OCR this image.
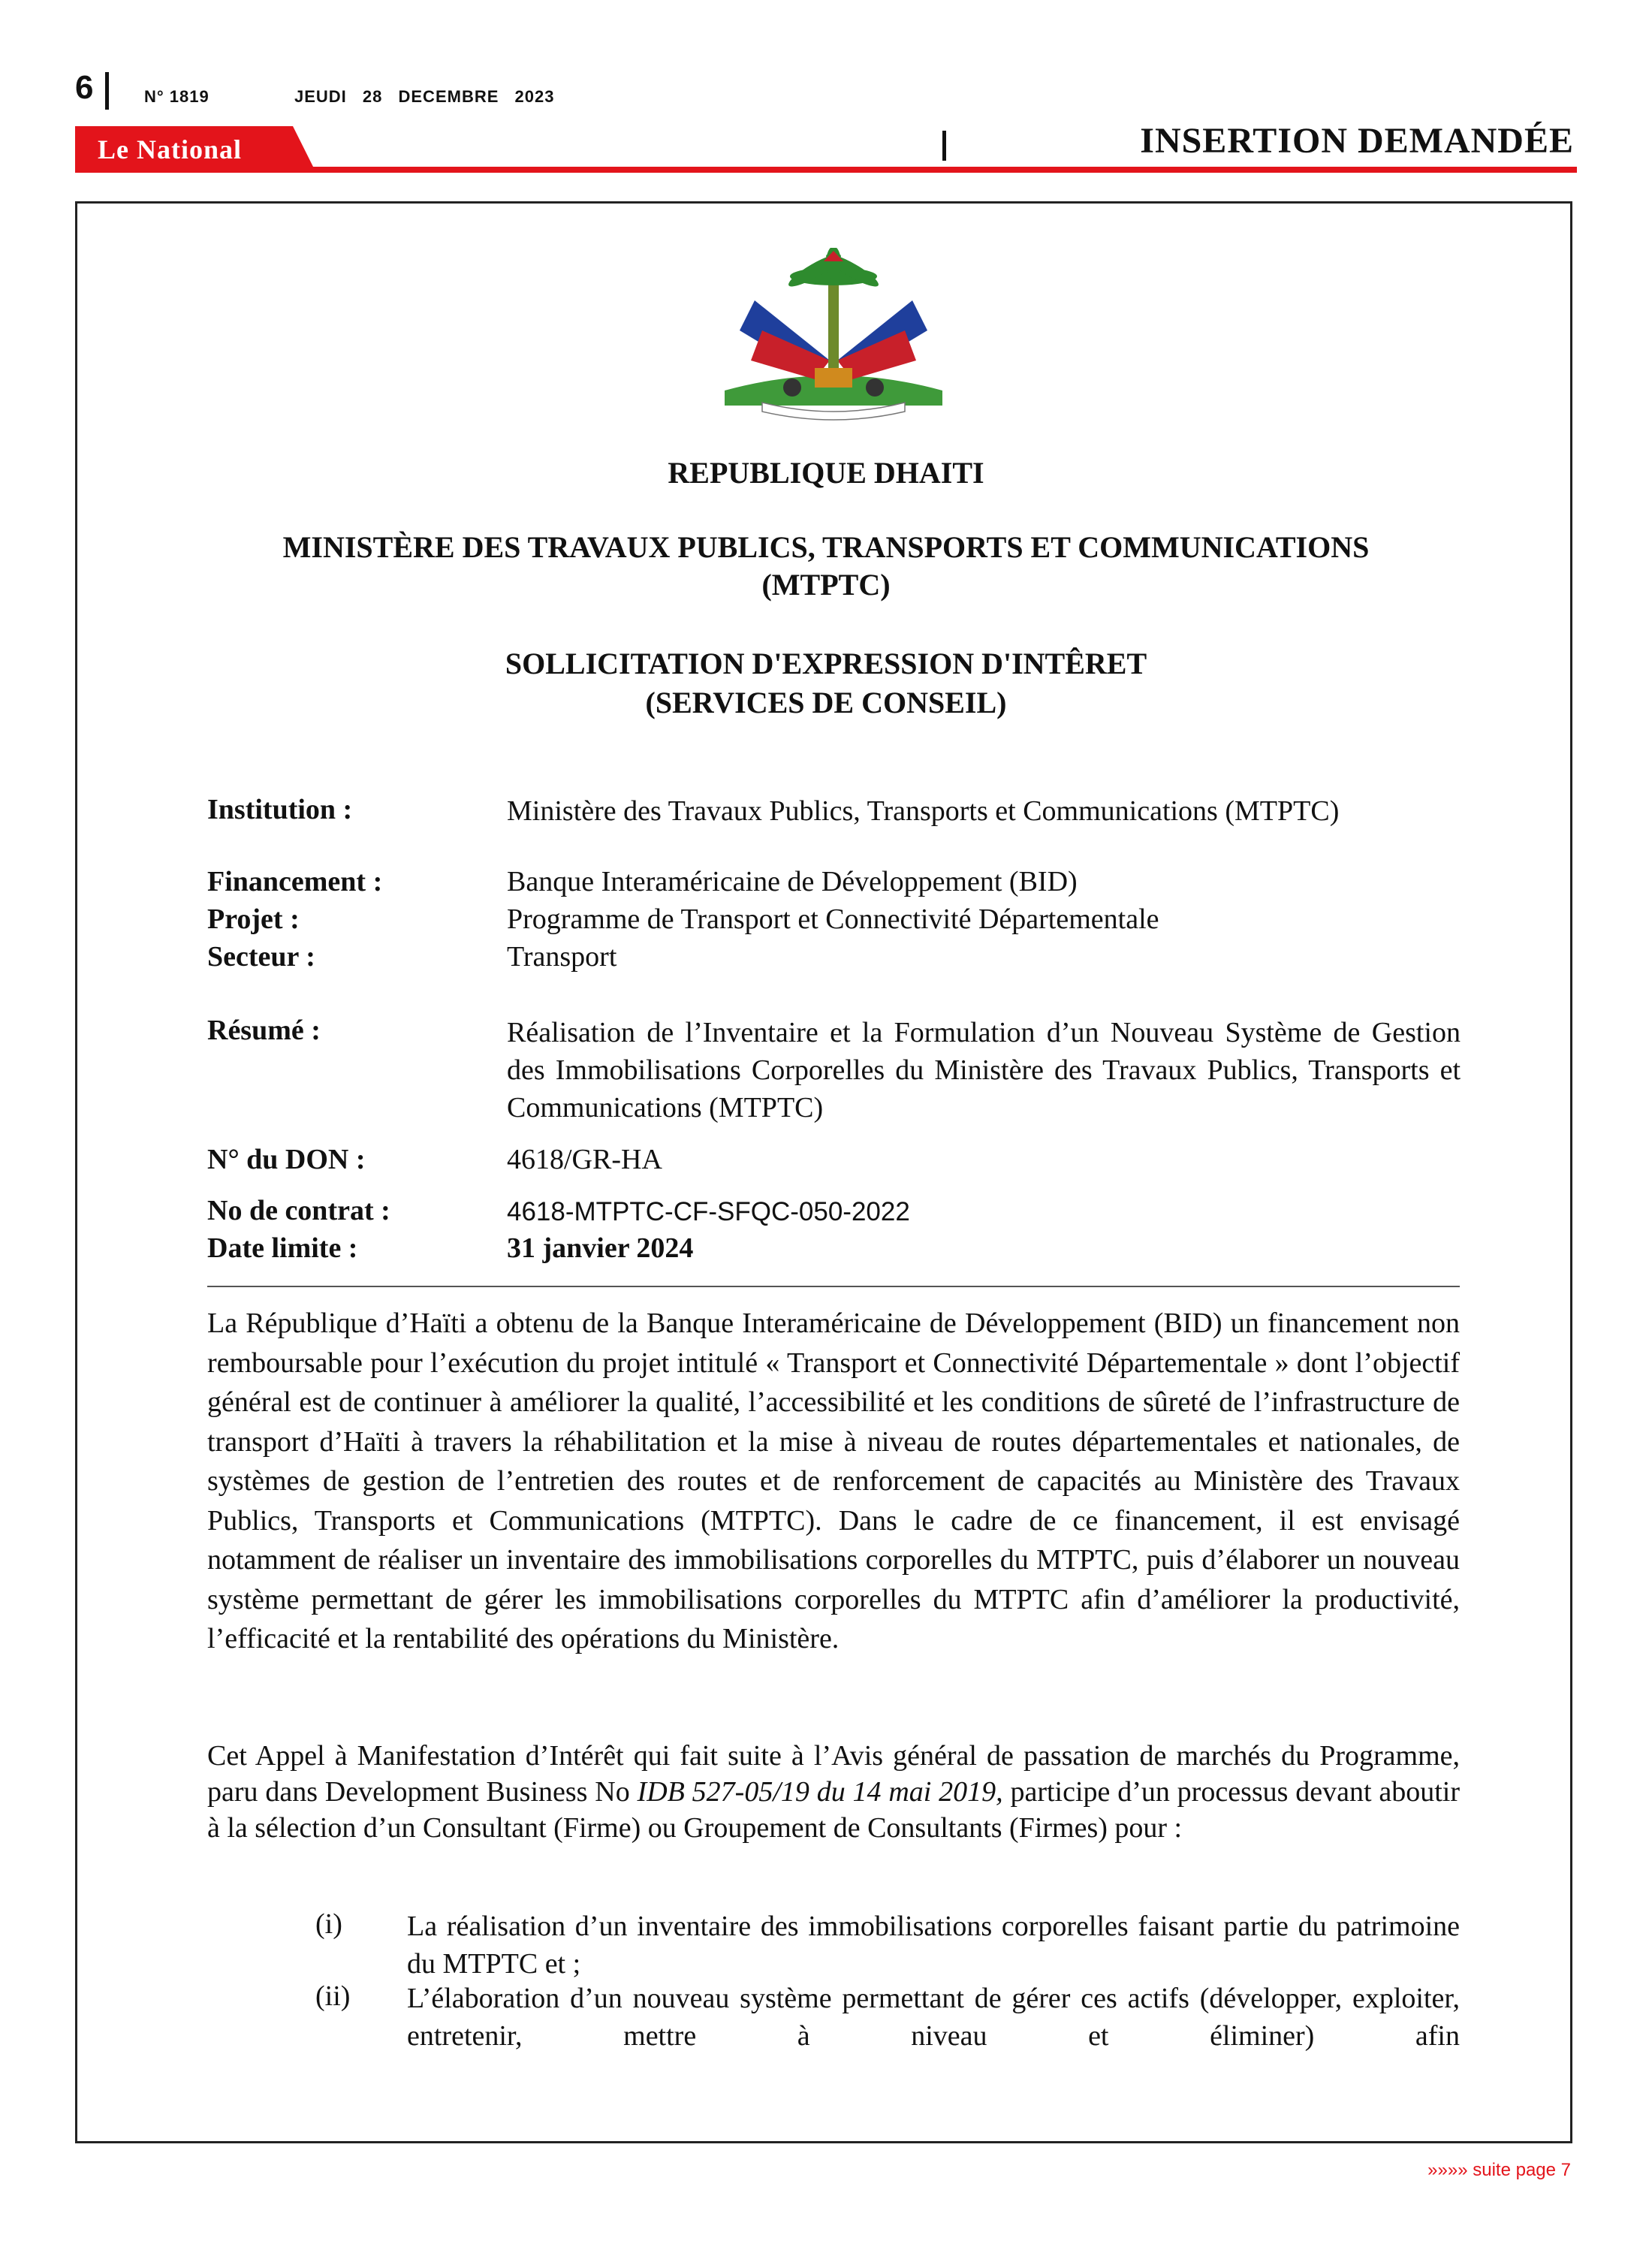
6	N° 1819	JEUDI 28 DECEMBRE 2023
Le National	INSERTION DEMANDÉE
REPUBLIQUE DHAITI
MINISTÈRE DES TRAVAUX PUBLICS, TRANSPORTS ET COMMUNICATIONS (MTPTC)
SOLLICITATION D'EXPRESSION D'INTÊRET
(SERVICES DE CONSEIL)
Institution :	Ministère des Travaux Publics, Transports et Communications (MTPTC)
Financement :	Banque Interaméricaine de Développement (BID)
Projet :	Programme de Transport et Connectivité Départementale
Secteur :	Transport
Résumé :	Réalisation de l’Inventaire et la Formulation d’un Nouveau Système de Gestion des Immobilisations Corporelles du Ministère des Travaux Publics, Transports et Communications (MTPTC)
N° du DON :	4618/GR-HA
No de contrat :	4618-MTPTC-CF-SFQC-050-2022
Date limite :	31 janvier 2024
La République d’Haïti a obtenu de la Banque Interaméricaine de Développement (BID) un financement non remboursable pour l’exécution du projet intitulé « Transport et Connectivité Départementale » dont l’objectif général est de continuer à améliorer la qualité, l’accessibilité et les conditions de sûreté de l’infrastructure de transport d’Haïti à travers la réhabilitation et la mise à niveau de routes départementales et nationales, de systèmes de gestion de l’entretien des routes et de renforcement de capacités au Ministère des Travaux Publics, Transports et Communications (MTPTC). Dans le cadre de ce financement, il est envisagé notamment de réaliser un inventaire des immobilisations corporelles du MTPTC, puis d’élaborer un nouveau système permettant de gérer les immobilisations corporelles du MTPTC afin d’améliorer la productivité, l’efficacité et la rentabilité des opérations du Ministère.
Cet Appel à Manifestation d’Intérêt qui fait suite à l’Avis général de passation de marchés du Programme, paru dans Development Business No IDB 527-05/19 du 14 mai 2019, participe d’un processus devant aboutir à la sélection d’un Consultant (Firme) ou Groupement de Consultants (Firmes) pour :
(i) La réalisation d’un inventaire des immobilisations corporelles faisant partie du patrimoine du MTPTC et ;
(ii) L’élaboration d’un nouveau système permettant de gérer ces actifs (développer, exploiter, entretenir, mettre à niveau et éliminer) afin
»»»» suite page 7
